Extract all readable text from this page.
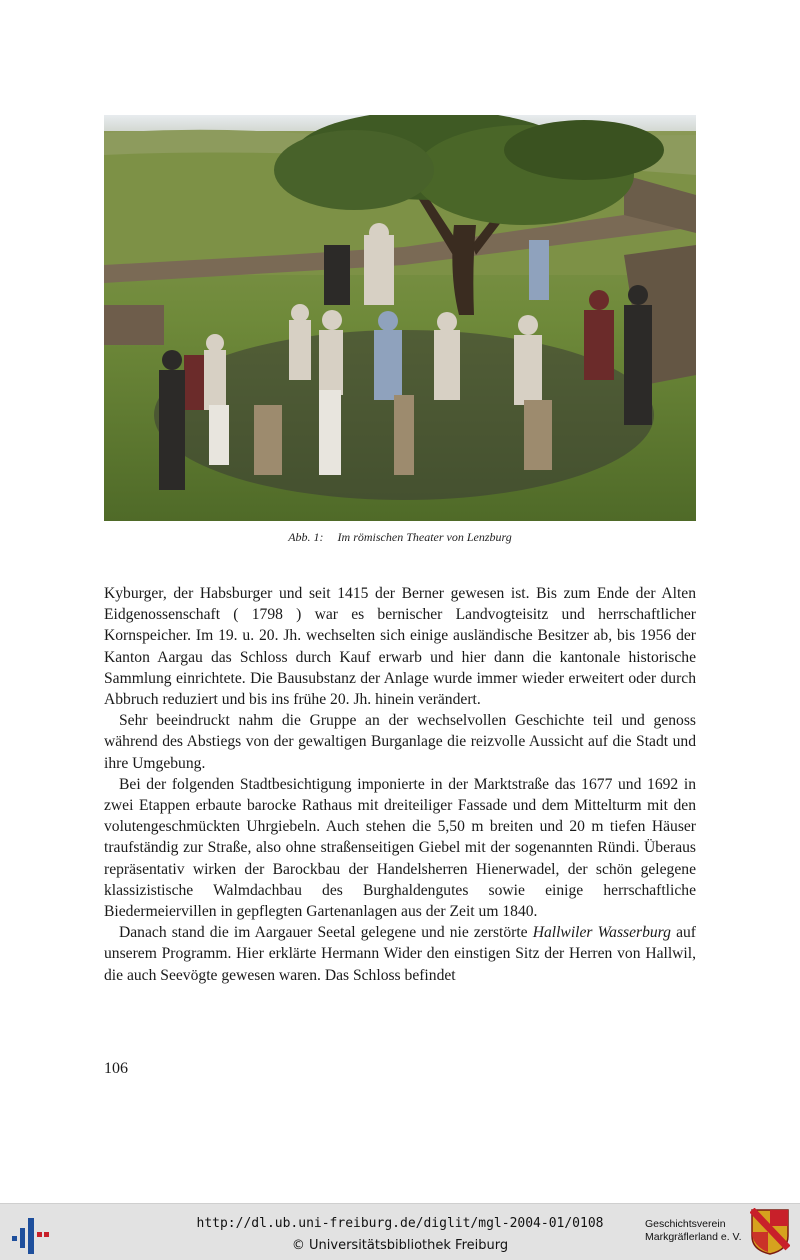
Abb. 1: Im römischen Theater von Lenzburg

Kyburger, der Habsburger und seit 1415 der Berner gewesen ist. Bis zum Ende der Alten Eidgenossenschaft ( 1798 ) war es bernischer Landvogteisitz und herrschaftlicher Kornspeicher. Im 19. u. 20. Jh. wechselten sich einige ausländische Besitzer ab, bis 1956 der Kanton Aargau das Schloss durch Kauf erwarb und hier dann die kantonale historische Sammlung einrichtete. Die Bausubstanz der Anlage wurde immer wieder erweitert oder durch Abbruch reduziert und bis ins frühe 20. Jh. hinein verändert.

Sehr beeindruckt nahm die Gruppe an der wechselvollen Geschichte teil und genoss während des Abstiegs von der gewaltigen Burganlage die reizvolle Aussicht auf die Stadt und ihre Umgebung.

Bei der folgenden Stadtbesichtigung imponierte in der Marktstraße das 1677 und 1692 in zwei Etappen erbaute barocke Rathaus mit dreiteiliger Fassade und dem Mittelturm mit den volutengeschmückten Uhrgiebeln. Auch stehen die 5,50 m breiten und 20 m tiefen Häuser traufständig zur Straße, also ohne straßenseitigen Giebel mit der sogenannten Ründi. Überaus repräsentativ wirken der Barockbau der Handelsherren Hienerwadel, der schön gelegene klassizistische Walmdachbau des Burghaldengutes sowie einige herrschaftliche Biedermeiervillen in gepflegten Gartenanlagen aus der Zeit um 1840.

Danach stand die im Aargauer Seetal gelegene und nie zerstörte Hallwiler Wasserburg auf unserem Programm. Hier erklärte Hermann Wider den einstigen Sitz der Herren von Hallwil, die auch Seevögte gewesen waren. Das Schloss befindet

106
http://dl.ub.uni-freiburg.de/diglit/mgl-2004-01/0108
© Universitätsbibliothek Freiburg
Geschichtsverein
Markgräflerland e. V.
